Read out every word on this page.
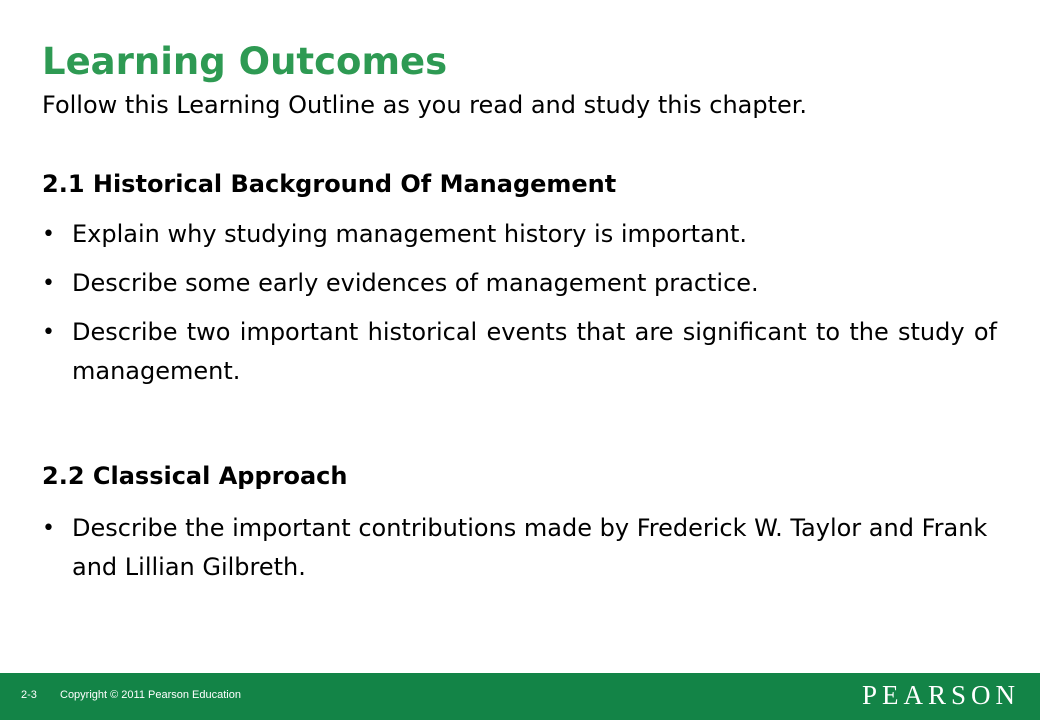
Learning Outcomes
Follow this Learning Outline as you read and study this chapter.
2.1 Historical Background Of Management
• Explain why studying management history is important.
• Describe some early evidences of management practice.
• Describe two important historical events that are significant to the study of management.
2.2 Classical Approach
• Describe the important contributions made by Frederick W. Taylor and Frank and Lillian Gilbreth.
2-3 Copyright © 2011 Pearson Education	PEARSON
